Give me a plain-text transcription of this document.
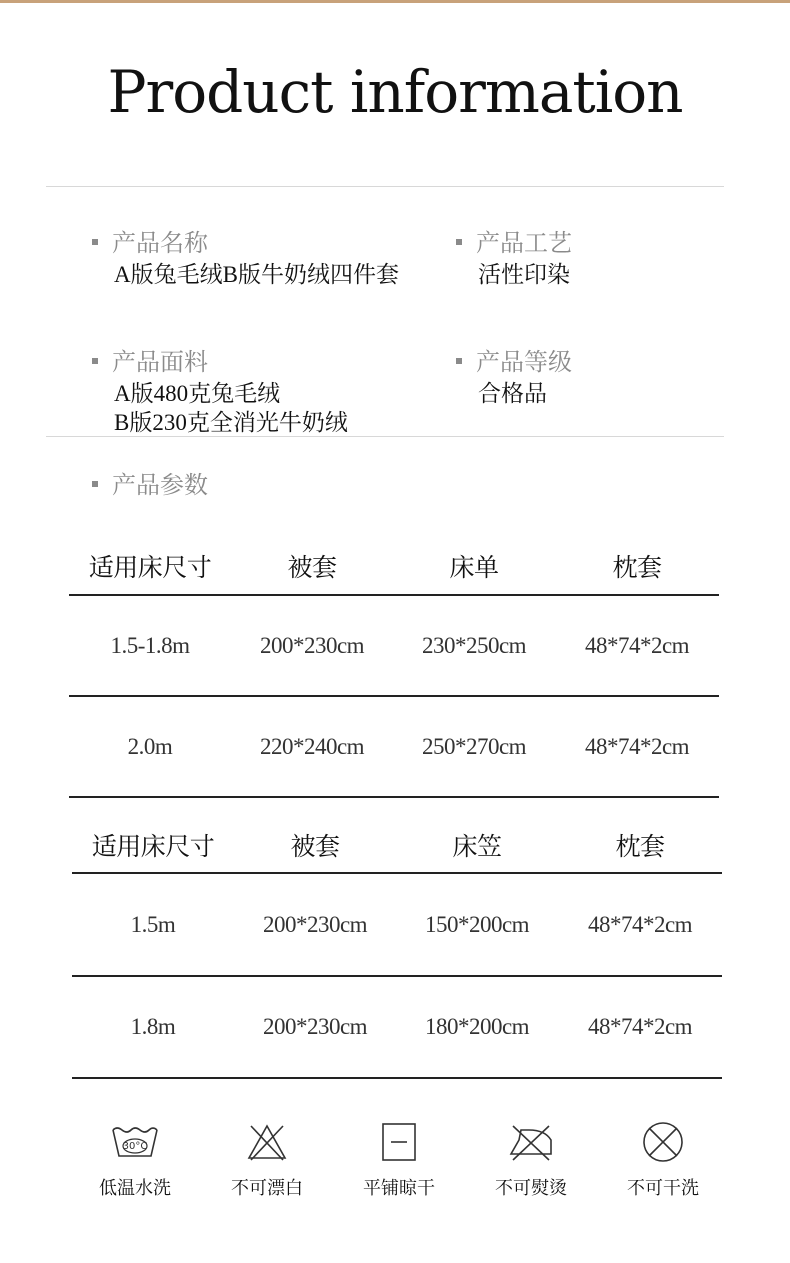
Product information
产品名称
A版兔毛绒B版牛奶绒四件套
产品工艺
活性印染
产品面料
A版480克兔毛绒
B版230克全消光牛奶绒
产品等级
合格品
产品参数
适用床尺寸	被套	床单	枕套
1.5-1.8m	200*230cm	230*250cm	48*74*2cm
2.0m	220*240cm	250*270cm	48*74*2cm
适用床尺寸	被套	床笠	枕套
1.5m	200*230cm	150*200cm	48*74*2cm
1.8m	200*230cm	180*200cm	48*74*2cm
30°C
低温水洗	不可漂白	平铺晾干	不可熨烫	不可干洗
